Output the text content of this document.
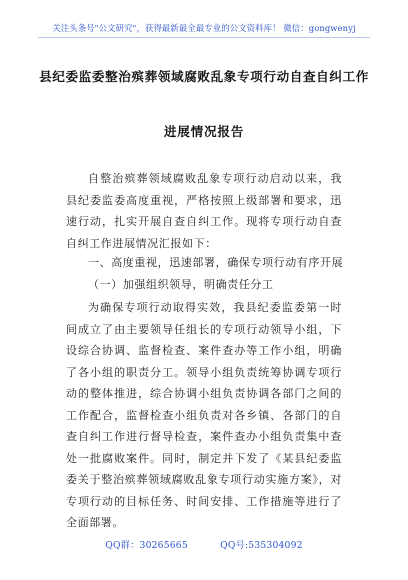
关注头条号"公文研究"，获得最新最全最专业的公文资料库！ 微信：gongwenyj
县纪委监委整治殡葬领域腐败乱象专项行动自查自纠工作
进展情况报告

自整治殡葬领域腐败乱象专项行动启动以来，我县纪委监委高度重视，严格按照上级部署和要求，迅速行动，扎实开展自查自纠工作。现将专项行动自查自纠工作进展情况汇报如下：

一、高度重视，迅速部署，确保专项行动有序开展
（一）加强组织领导，明确责任分工

为确保专项行动取得实效，我县纪委监委第一时间成立了由主要领导任组长的专项行动领导小组，下设综合协调、监督检查、案件查办等工作小组，明确了各小组的职责分工。领导小组负责统筹协调专项行动的整体推进，综合协调小组负责协调各部门之间的工作配合，监督检查小组负责对各乡镇、各部门的自查自纠工作进行督导检查，案件查办小组负责集中查处一批腐败案件。同时，制定并下发了《某县纪委监委关于整治殡葬领域腐败乱象专项行动实施方案》，对专项行动的目标任务、时间安排、工作措施等进行了全面部署。

QQ群：30265665	QQ号:535304092
